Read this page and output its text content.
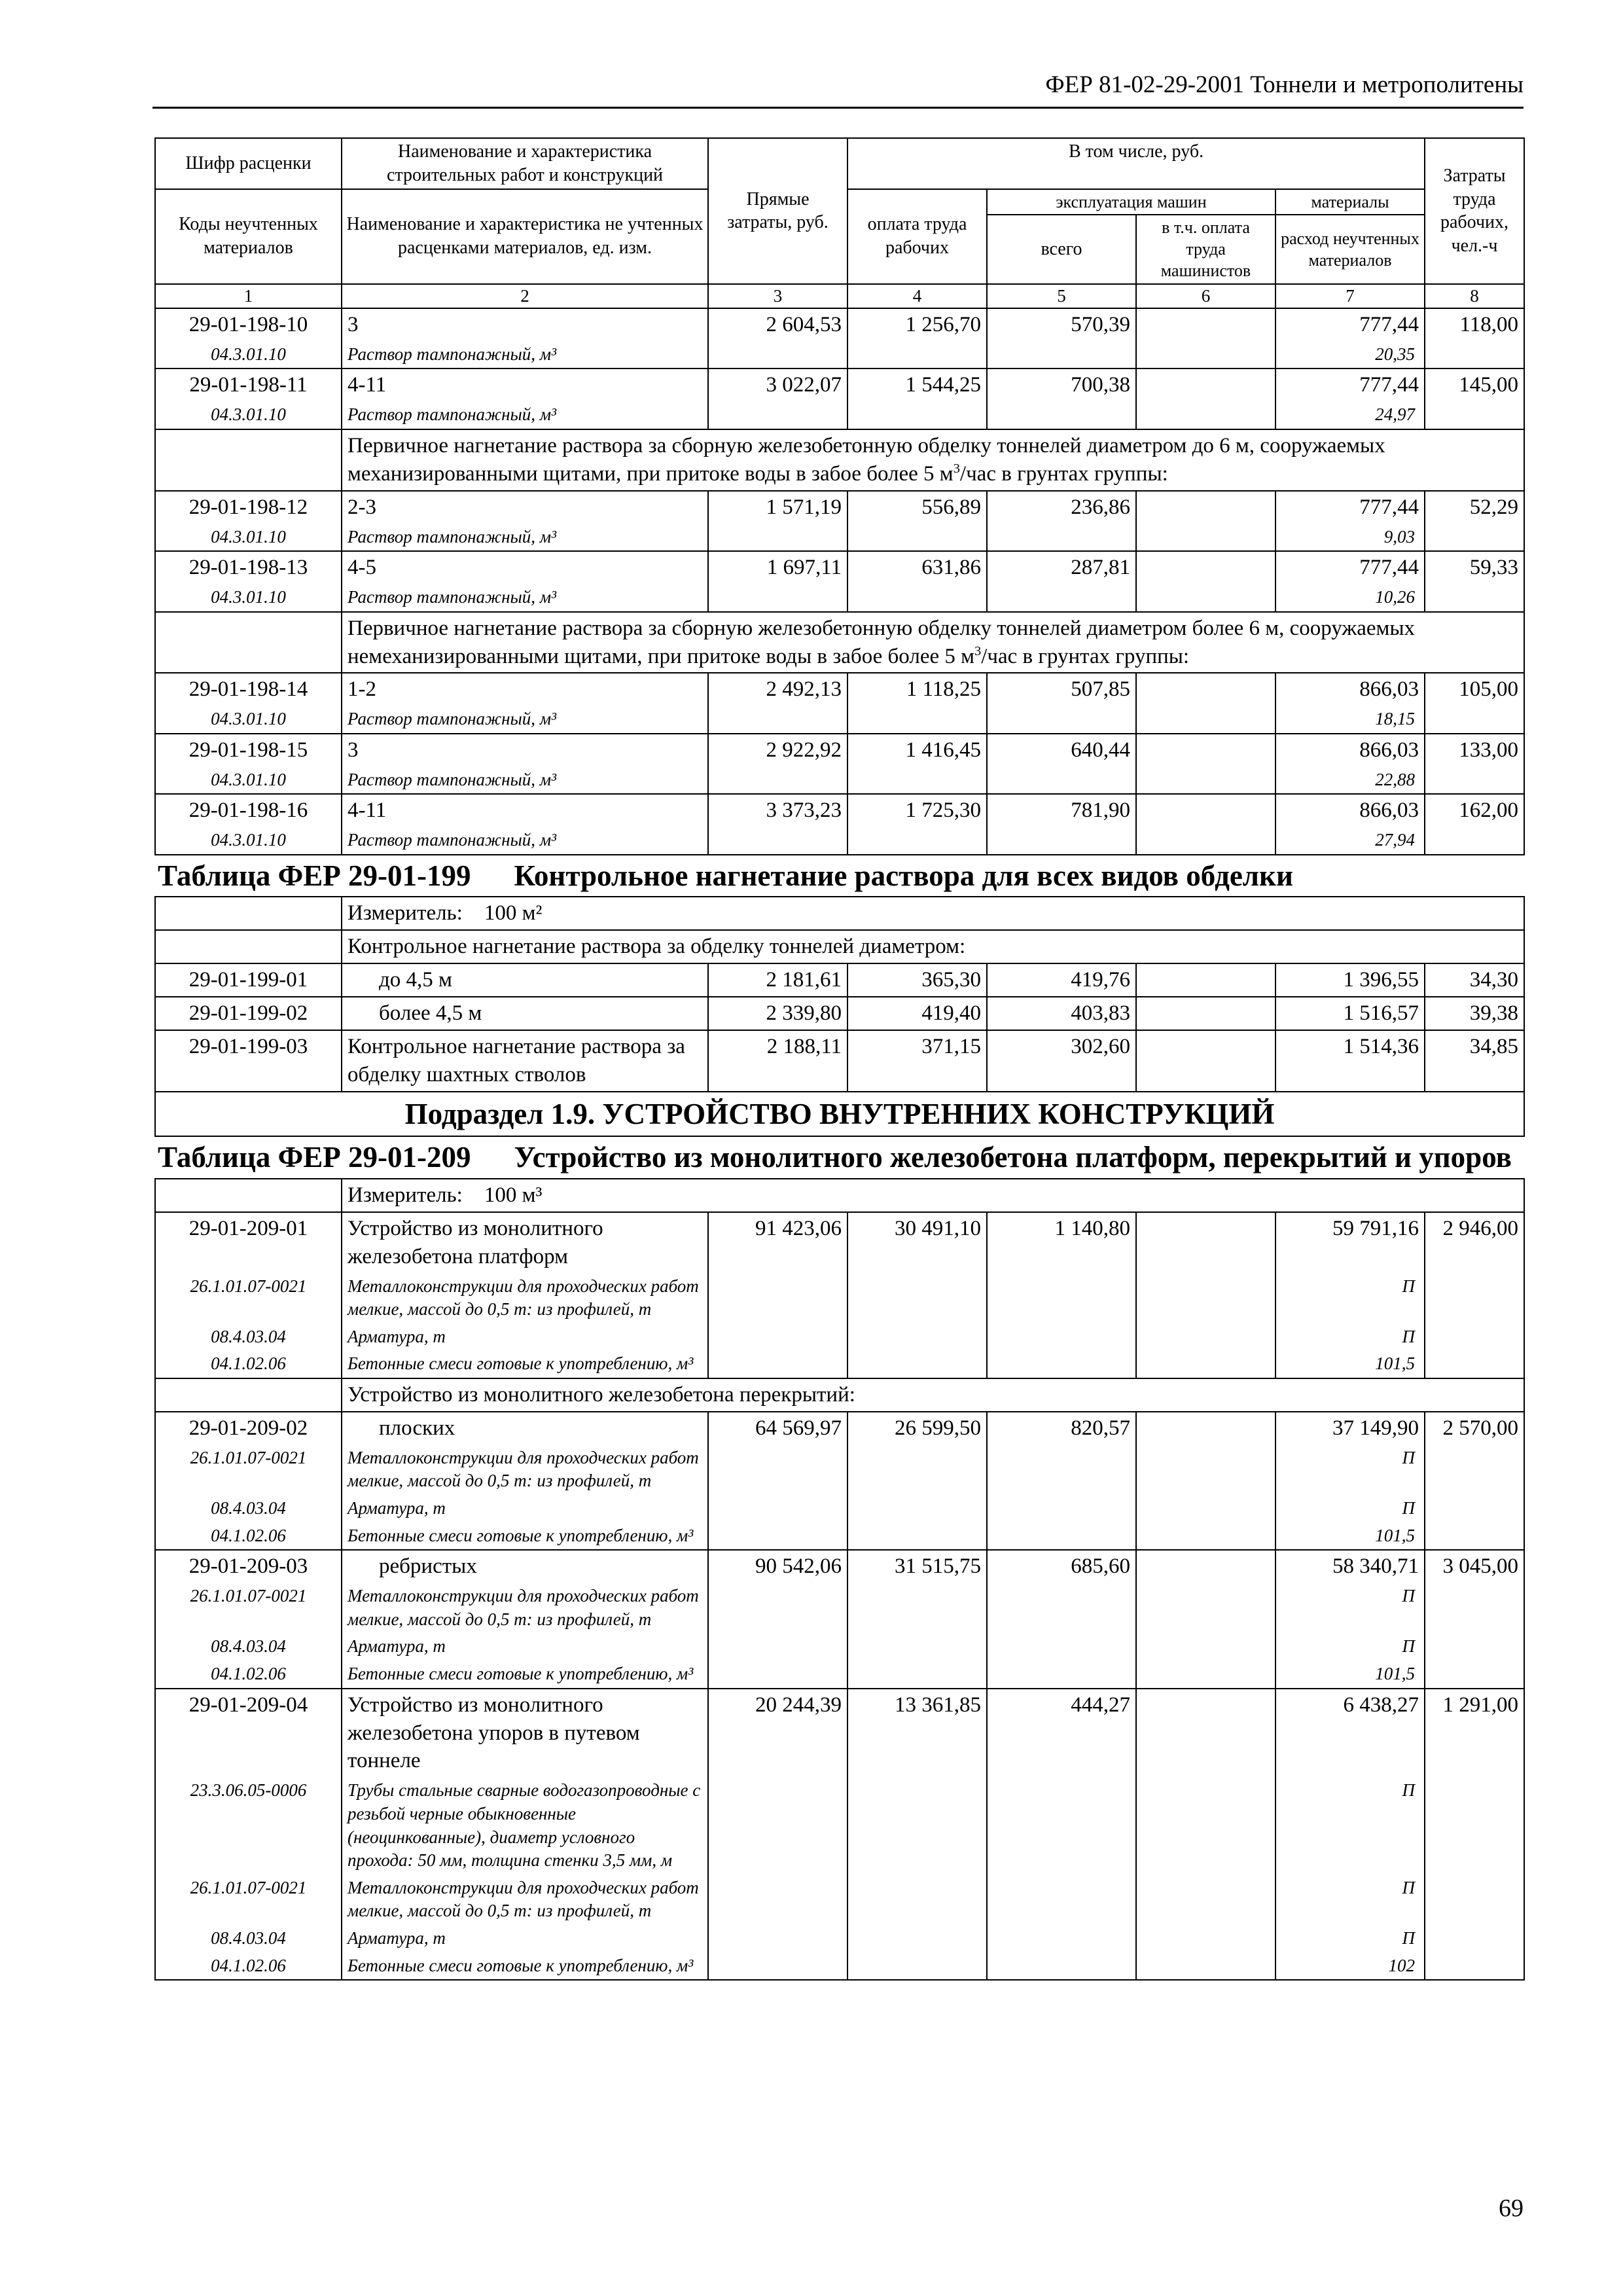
ФЕР 81-02-29-2001 Тоннели и метрополитены
Шифр расценки	Наименование и характеристика строительных работ и конструкций	Прямые затраты, руб.	В том числе, руб.				Затраты труда рабочих, чел.-ч
Коды неучтенных материалов	Наименование и характеристика не учтенных расценками материалов, ед. изм.		оплата труда рабочих	эксплуатация машин		материалы	
				всего	в т.ч. оплата труда машинистов	расход неучтенных материалов	
1	2	3	4	5	6	7	8
29-01-198-10	3	2 604,53	1 256,70	570,39		777,44	118,00
04.3.01.10	Раствор тампонажный, м³					20,35	
29-01-198-11	4-11	3 022,07	1 544,25	700,38		777,44	145,00
04.3.01.10	Раствор тампонажный, м³					24,97	
	Первичное нагнетание раствора за сборную железобетонную обделку тоннелей диаметром до 6 м, сооружаемых механизированными щитами, при притоке воды в забое более 5 $м^3$/час в грунтах группы:						
29-01-198-12	2-3	1 571,19	556,89	236,86		777,44	52,29
04.3.01.10	Раствор тампонажный, м³					9,03	
29-01-198-13	4-5	1 697,11	631,86	287,81		777,44	59,33
04.3.01.10	Раствор тампонажный, м³					10,26	
	Первичное нагнетание раствора за сборную железобетонную обделку тоннелей диаметром более 6 м, сооружаемых немеханизированными щитами, при притоке воды в забое более 5 $м^3$/час в грунтах группы:						
29-01-198-14	1-2	2 492,13	1 118,25	507,85		866,03	105,00
04.3.01.10	Раствор тампонажный, м³					18,15	
29-01-198-15	3	2 922,92	1 416,45	640,44		866,03	133,00
04.3.01.10	Раствор тампонажный, м³					22,88	
29-01-198-16	4-11	3 373,23	1 725,30	781,90		866,03	162,00
04.3.01.10	Раствор тампонажный, м³					27,94	
Таблица ФЕР 29-01-199 Контрольное нагнетание раствора для всех видов обделки							
	Измеритель: 100 м²						
	Контрольное нагнетание раствора за обделку тоннелей диаметром:						
29-01-199-01	до 4,5 м	2 181,61	365,30	419,76		1 396,55	34,30
29-01-199-02	более 4,5 м	2 339,80	419,40	403,83		1 516,57	39,38
29-01-199-03	Контрольное нагнетание раствора за обделку шахтных стволов	2 188,11	371,15	302,60		1 514,36	34,85
Подраздел 1.9. УСТРОЙСТВО ВНУТРЕННИХ КОНСТРУКЦИЙ							
Таблица ФЕР 29-01-209 Устройство из монолитного железобетона платформ, перекрытий и упоров							
	Измеритель: 100 м³						
29-01-209-01	Устройство из монолитного железобетона платформ	91 423,06	30 491,10	1 140,80		59 791,16	2 946,00
26.1.01.07-0021	Металлоконструкции для проходческих работ мелкие, массой до 0,5 т: из профилей, т					П	
08.4.03.04	Арматура, т					П	
04.1.02.06	Бетонные смеси готовые к употреблению, м³					101,5	
	Устройство из монолитного железобетона перекрытий:						
29-01-209-02	плоских	64 569,97	26 599,50	820,57		37 149,90	2 570,00
26.1.01.07-0021	Металлоконструкции для проходческих работ мелкие, массой до 0,5 т: из профилей, т					П	
08.4.03.04	Арматура, т					П	
04.1.02.06	Бетонные смеси готовые к употреблению, м³					101,5	
29-01-209-03	ребристых	90 542,06	31 515,75	685,60		58 340,71	3 045,00
26.1.01.07-0021	Металлоконструкции для проходческих работ мелкие, массой до 0,5 т: из профилей, т					П	
08.4.03.04	Арматура, т					П	
04.1.02.06	Бетонные смеси готовые к употреблению, м³					101,5	
29-01-209-04	Устройство из монолитного железобетона упоров в путевом тоннеле	20 244,39	13 361,85	444,27		6 438,27	1 291,00
23.3.06.05-0006	Трубы стальные сварные водогазопроводные с резьбой черные обыкновенные (неоцинкованные), диаметр условного прохода: 50 мм, толщина стенки 3,5 мм, м					П	
26.1.01.07-0021	Металлоконструкции для проходческих работ мелкие, массой до 0,5 т: из профилей, т					П	
08.4.03.04	Арматура, т					П	
04.1.02.06	Бетонные смеси готовые к употреблению, м³					102	
69
